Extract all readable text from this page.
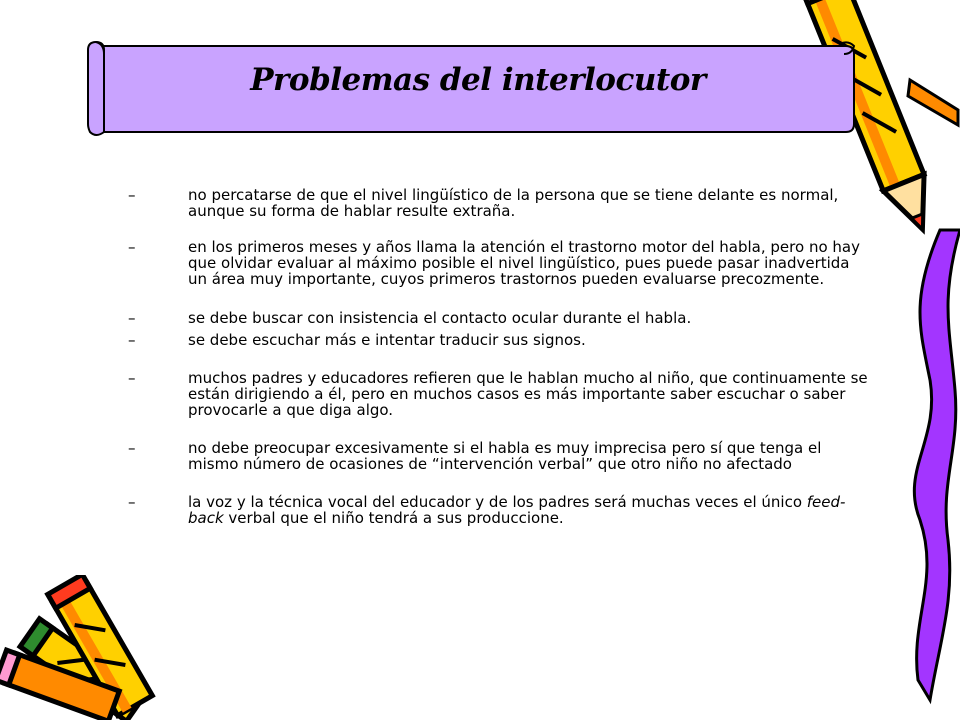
Problemas del interlocutor
–	no percatarse de que el nivel lingüístico de la persona que se tiene delante es normal, aunque su forma de hablar resulte extraña.
–	en los primeros meses y años llama la atención el trastorno motor del habla, pero no hay que olvidar evaluar al máximo posible el nivel lingüístico, pues puede pasar inadvertida un área muy importante, cuyos primeros trastornos pueden evaluarse precozmente.
–	se debe buscar con insistencia el contacto ocular durante el habla.
–	se debe escuchar más e intentar traducir sus signos.
–	muchos padres y educadores refieren que le hablan mucho al niño, que continuamente se están dirigiendo a él, pero en muchos casos es más importante saber escuchar o saber provocarle a que diga algo.
–	no debe preocupar excesivamente si el habla es muy imprecisa pero sí que tenga el mismo número de ocasiones de “intervención verbal” que otro niño no afectado
–	la voz y la técnica vocal del educador y de los padres será muchas veces el único feed-back verbal que el niño tendrá a sus produccione.
